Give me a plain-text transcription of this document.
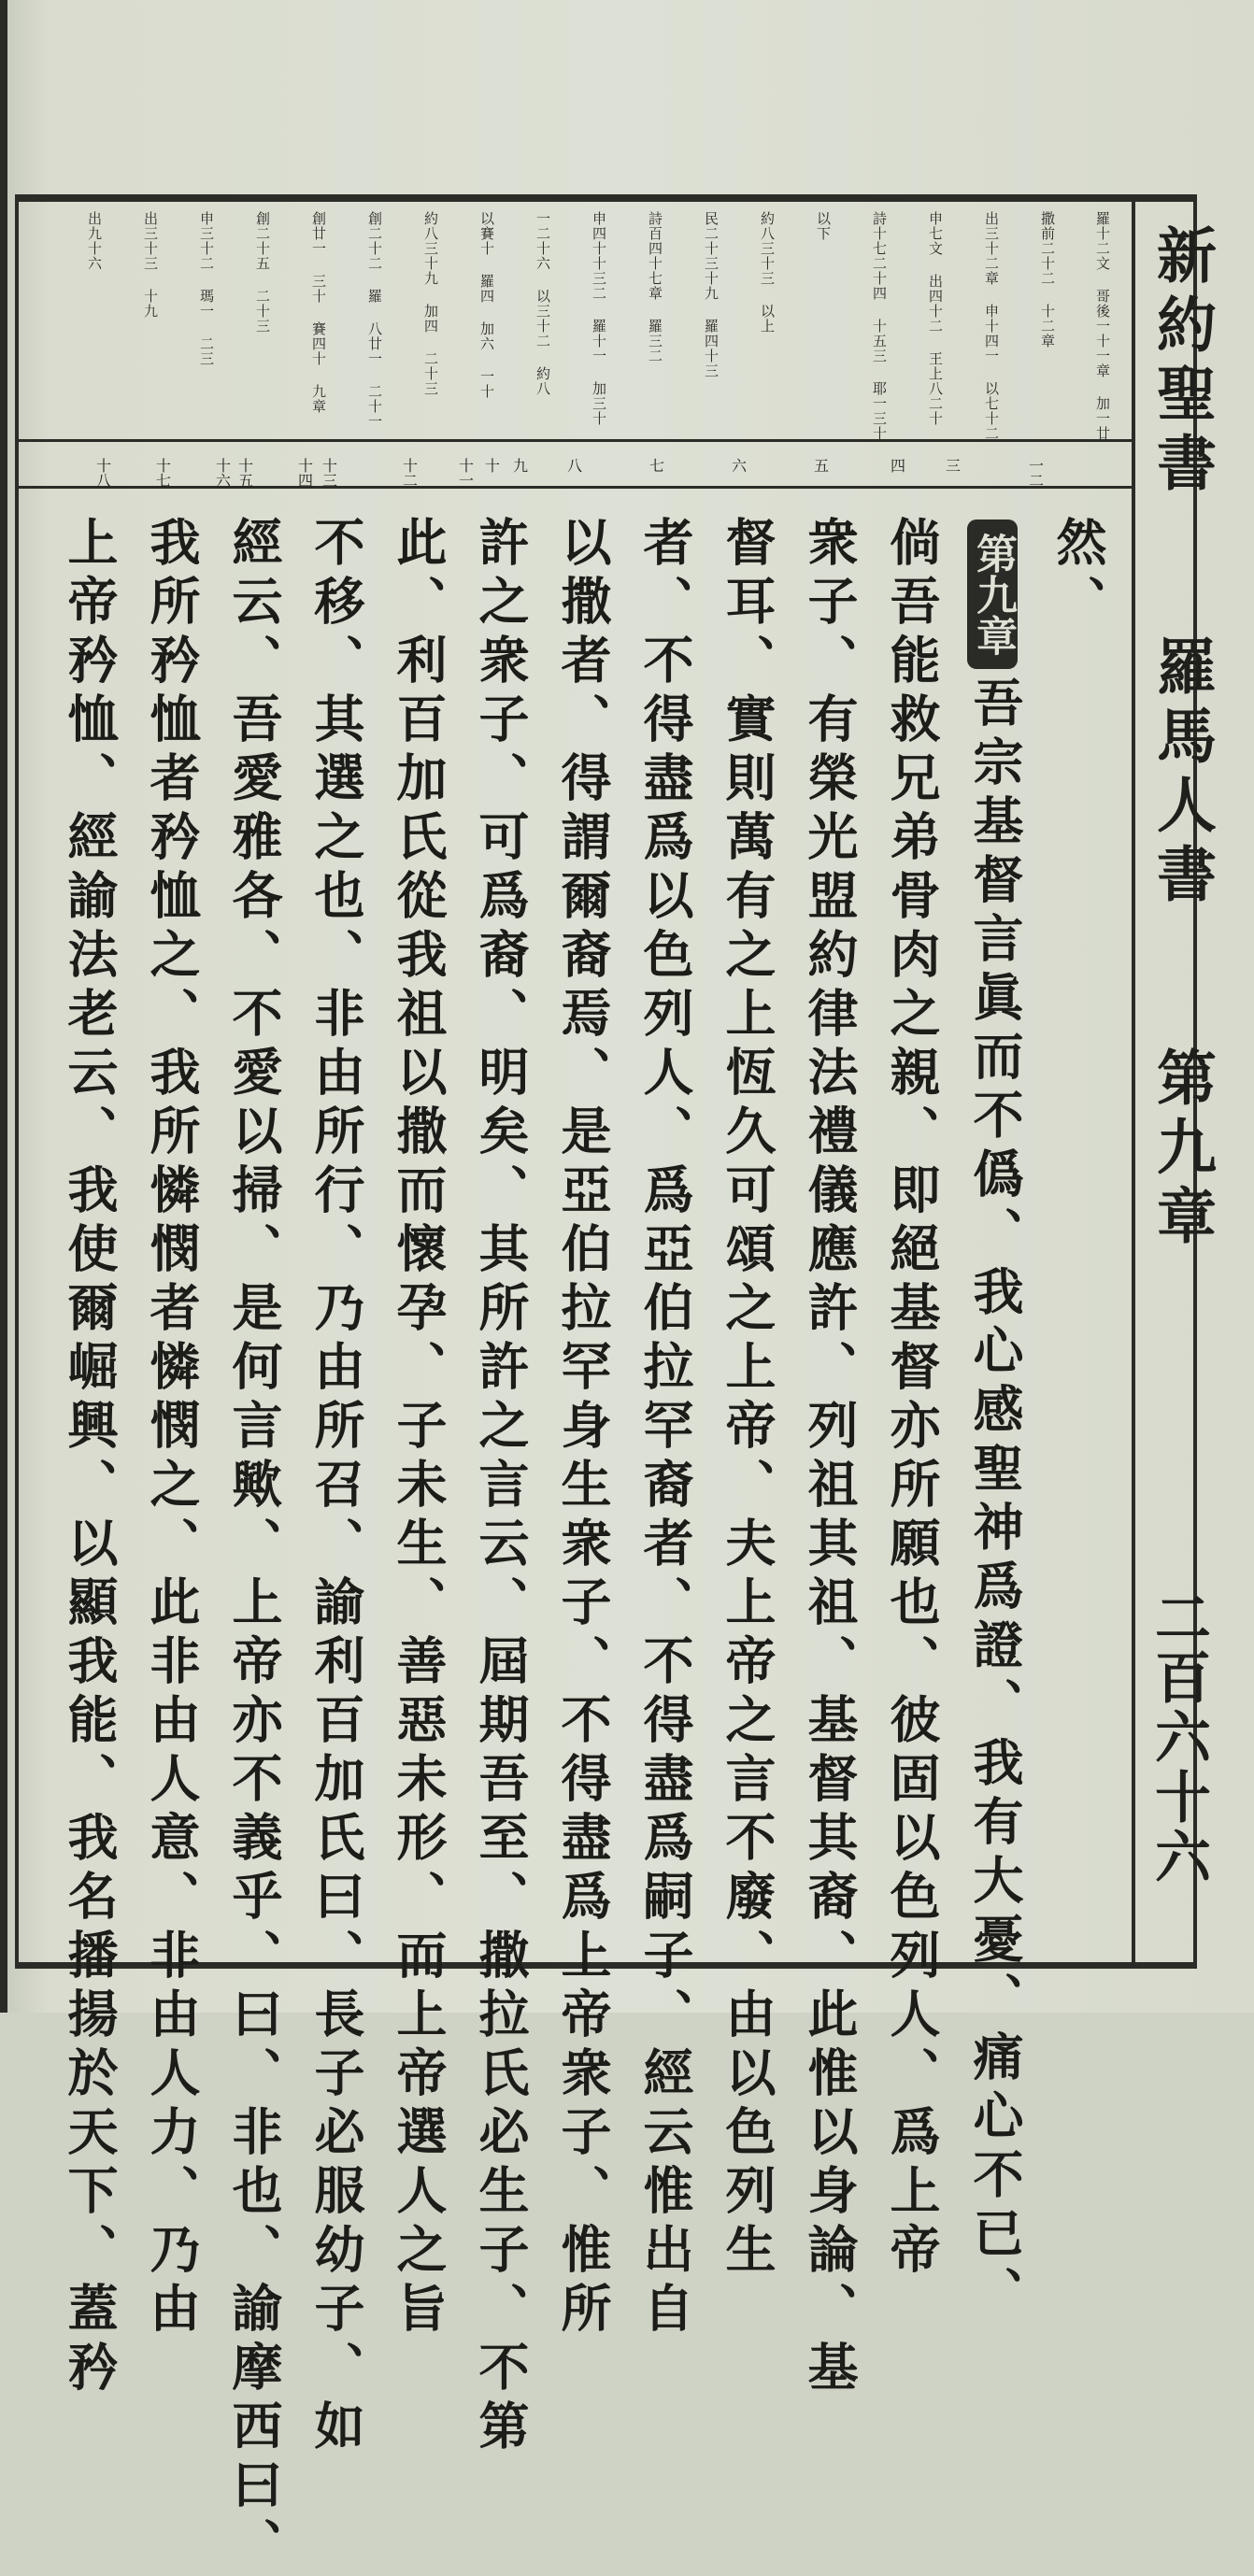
新約聖書
羅馬人書
第九章
二百六十六
羅十二文 哥後一十一章 加一廿
撒前二十二 十二章
出三十二章 申十四一 以七十二
申七文 出四十二 王上八二十
詩十七二十四 十五三 耶一三十
以下
約八三十三 以上
民二十三十九 羅四十三
詩百四十七章 羅三二
申四十十三二 羅十一 加三十
一二十六 以三十二 約八
以賽十 羅四 加六 一十
約八三十九 加四 二十三
創二十二 羅 八廿一 二十一
創廿一 三十 賽四十 九章
創二十五 二十三
申三十二 瑪一 二三
出三十三 十九
出九十六
一二
三
四
五
六
七
八
九
十
十一
十二
十三
十四
十五
十六
十七
十八
第九章 然、
吾宗基督言眞而不僞、我心感聖神爲證、我有大憂、痛心不已、
倘吾能救兄弟骨肉之親、即絕基督亦所願也、彼固以色列人、爲上帝
衆子、有榮光盟約律法禮儀應許、列祖其祖、基督其裔、此惟以身論、基
督耳、實則萬有之上恆久可頌之上帝、夫上帝之言不廢、由以色列生
者、不得盡爲以色列人、爲亞伯拉罕裔者、不得盡爲嗣子、經云惟出自
以撒者、得謂爾裔焉、是亞伯拉罕身生衆子、不得盡爲上帝衆子、惟所
許之衆子、可爲裔、明矣、其所許之言云、屆期吾至、撒拉氏必生子、不第
此、利百加氏從我祖以撒而懷孕、子未生、善惡未形、而上帝選人之旨
不移、其選之也、非由所行、乃由所召、諭利百加氏曰、長子必服幼子、如
經云、吾愛雅各、不愛以掃、是何言歟、上帝亦不義乎、曰、非也、諭摩西曰、
我所矜恤者矜恤之、我所憐憫者憐憫之、此非由人意、非由人力、乃由
上帝矜恤、經諭法老云、我使爾崛興、以顯我能、我名播揚於天下、蓋矜
